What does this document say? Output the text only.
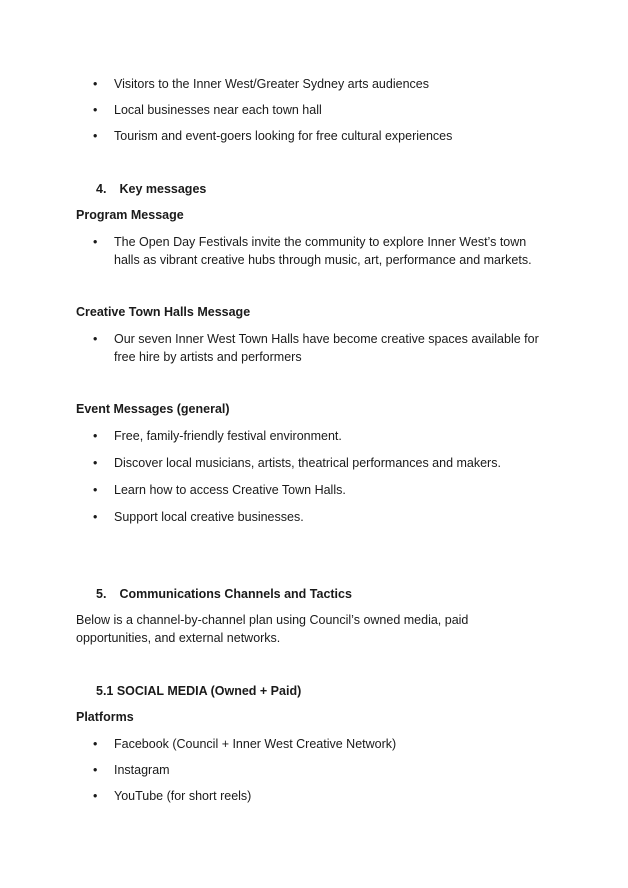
• Visitors to the Inner West/Greater Sydney arts audiences
• Local businesses near each town hall
• Tourism and event-goers looking for free cultural experiences
4. Key messages
Program Message
• The Open Day Festivals invite the community to explore Inner West’s town halls as vibrant creative hubs through music, art, performance and markets.
Creative Town Halls Message
• Our seven Inner West Town Halls have become creative spaces available for free hire by artists and performers
Event Messages (general)
• Free, family-friendly festival environment.
• Discover local musicians, artists, theatrical performances and makers.
• Learn how to access Creative Town Halls.
• Support local creative businesses.
5. Communications Channels and Tactics
Below is a channel-by-channel plan using Council’s owned media, paid opportunities, and external networks.
5.1 SOCIAL MEDIA (Owned + Paid)
Platforms
• Facebook (Council + Inner West Creative Network)
• Instagram
• YouTube (for short reels)
